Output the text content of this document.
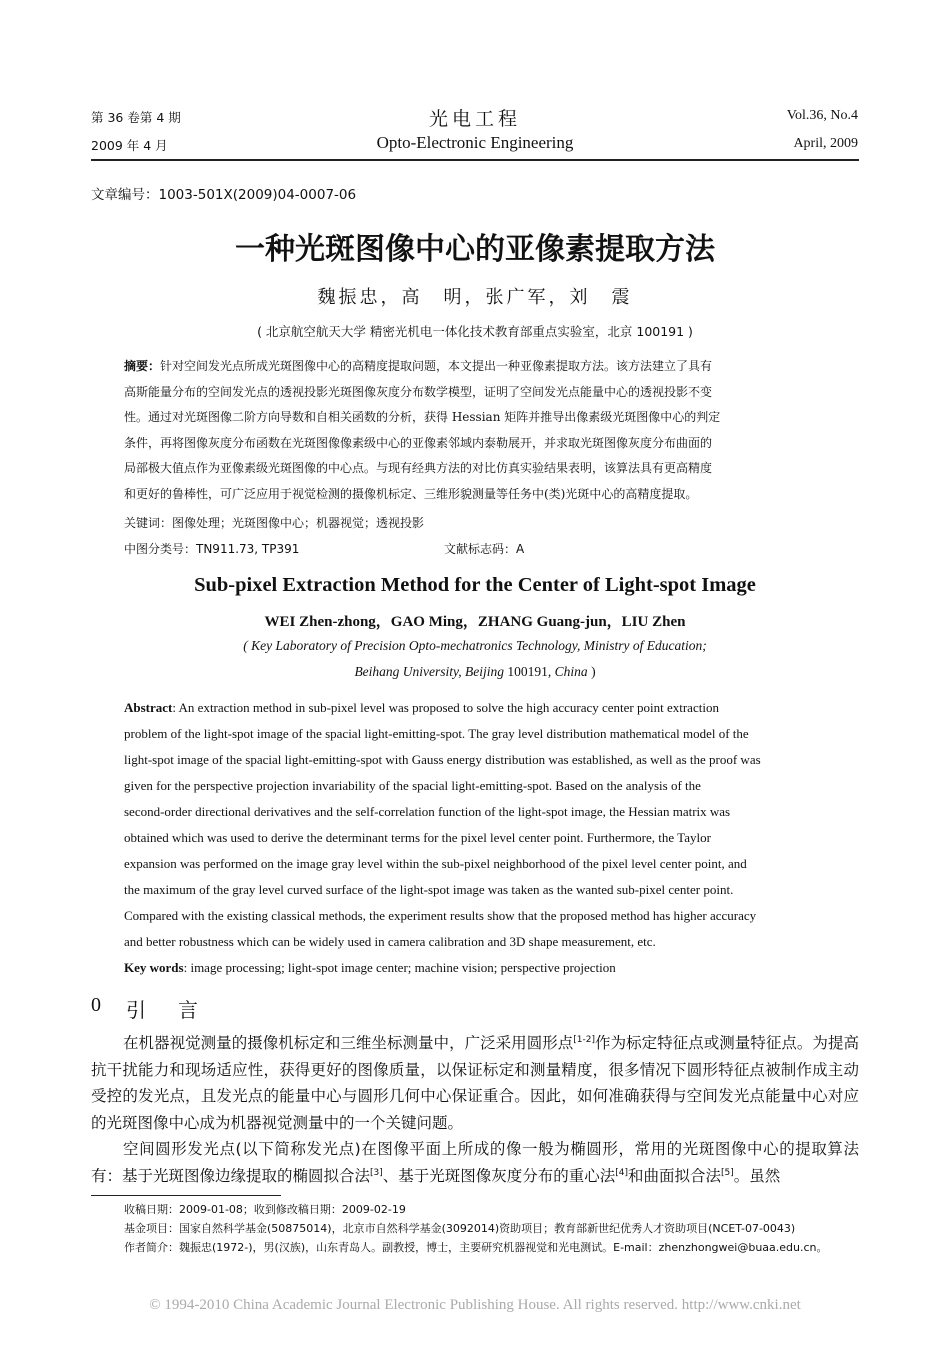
第 36 卷第 4 期
2009 年 4 月
光电工程
Opto-Electronic Engineering
Vol.36, No.4
April, 2009
文章编号：1003-501X(2009)04-0007-06
一种光斑图像中心的亚像素提取方法
魏振忠，高　明，张广军，刘　震
( 北京航空航天大学 精密光机电一体化技术教育部重点实验室，北京 100191 )

摘要：针对空间发光点所成光斑图像中心的高精度提取问题，本文提出一种亚像素提取方法。该方法建立了具有

高斯能量分布的空间发光点的透视投影光斑图像灰度分布数学模型，证明了空间发光点能量中心的透视投影不变

性。通过对光斑图像二阶方向导数和自相关函数的分析，获得 Hessian 矩阵并推导出像素级光斑图像中心的判定

条件，再将图像灰度分布函数在光斑图像像素级中心的亚像素邻域内泰勒展开，并求取光斑图像灰度分布曲面的

局部极大值点作为亚像素级光斑图像的中心点。与现有经典方法的对比仿真实验结果表明，该算法具有更高精度

和更好的鲁棒性，可广泛应用于视觉检测的摄像机标定、三维形貌测量等任务中(类)光斑中心的高精度提取。

关键词：图像处理；光斑图像中心；机器视觉；透视投影
中图分类号：TN911.73, TP391	文献标志码：A
Sub-pixel Extraction Method for the Center of Light-spot Image
WEI Zhen-zhong，GAO Ming，ZHANG Guang-jun，LIU Zhen
( Key Laboratory of Precision Opto-mechatronics Technology, Ministry of Education;
Beihang University, Beijing 100191, China )

Abstract: An extraction method in sub-pixel level was proposed to solve the high accuracy center point extraction

problem of the light-spot image of the spacial light-emitting-spot. The gray level distribution mathematical model of the

light-spot image of the spacial light-emitting-spot with Gauss energy distribution was established, as well as the proof was

given for the perspective projection invariability of the spacial light-emitting-spot. Based on the analysis of the

second-order directional derivatives and the self-correlation function of the light-spot image, the Hessian matrix was

obtained which was used to derive the determinant terms for the pixel level center point. Furthermore, the Taylor

expansion was performed on the image gray level within the sub-pixel neighborhood of the pixel level center point, and

the maximum of the gray level curved surface of the light-spot image was taken as the wanted sub-pixel center point.

Compared with the existing classical methods, the experiment results show that the proposed method has higher accuracy

and better robustness which can be widely used in camera calibration and 3D shape measurement, etc.

Key words: image processing; light-spot image center; machine vision; perspective projection

0 引　言

在机器视觉测量的摄像机标定和三维坐标测量中，广泛采用圆形点[1-2]作为标定特征点或测量特征点。为提高抗干扰能力和现场适应性，获得更好的图像质量，以保证标定和测量精度，很多情况下圆形特征点被制作成主动受控的发光点，且发光点的能量中心与圆形几何中心保证重合。因此，如何准确获得与空间发光点能量中心对应的光斑图像中心成为机器视觉测量中的一个关键问题。

空间圆形发光点(以下简称发光点)在图像平面上所成的像一般为椭圆形，常用的光斑图像中心的提取算法有：基于光斑图像边缘提取的椭圆拟合法[3]、基于光斑图像灰度分布的重心法[4]和曲面拟合法[5]。虽然

收稿日期：2009-01-08；收到修改稿日期：2009-02-19
基金项目：国家自然科学基金(50875014)，北京市自然科学基金(3092014)资助项目；教育部新世纪优秀人才资助项目(NCET-07-0043)
作者简介：魏振忠(1972-)，男(汉族)，山东青岛人。副教授，博士，主要研究机器视觉和光电测试。E-mail：zhenzhongwei@buaa.edu.cn。
© 1994-2010 China Academic Journal Electronic Publishing House. All rights reserved. http://www.cnki.net
